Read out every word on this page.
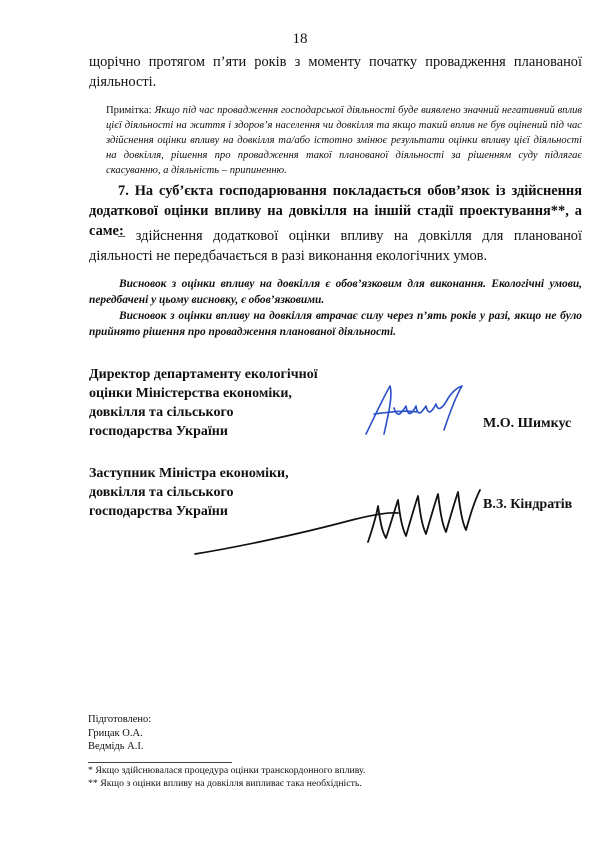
18
щорічно протягом п’яти років з моменту початку провадження планованої діяльності.
Примітка: Якщо під час провадження господарської діяльності буде виявлено значний негативний вплив цієї діяльності на життя і здоров’я населення чи довкілля та якщо такий вплив не був оцінений під час здійснення оцінки впливу на довкілля та/або істотно змінює результати оцінки впливу цієї діяльності на довкілля, рішення про провадження такої планованої діяльності за рішенням суду підлягає скасуванню, а діяльність – припиненню.
7. На суб’єкта господарювання покладається обов’язок із здійснення додаткової оцінки впливу на довкілля на іншій стадії проектування**, а саме:
– здійснення додаткової оцінки впливу на довкілля для планованої діяльності не передбачається в разі виконання екологічних умов.
Висновок з оцінки впливу на довкілля є обов’язковим для виконання. Екологічні умови, передбачені у цьому висновку, є обов’язковими.
Висновок з оцінки впливу на довкілля втрачає силу через п’ять років у разі, якщо не було прийнято рішення про провадження планованої діяльності.
Директор департаменту екологічної
оцінки Міністерства економіки,
довкілля та сільського
господарства України
М.О. Шимкус
Заступник Міністра економіки,
довкілля та сільського
господарства України	В.З. Кіндратів
Підготовлено:
Грицак О.А.
Ведмідь А.І.
* Якщо здійснювалася процедура оцінки транскордонного впливу.
** Якщо з оцінки впливу на довкілля випливає така необхідність.
